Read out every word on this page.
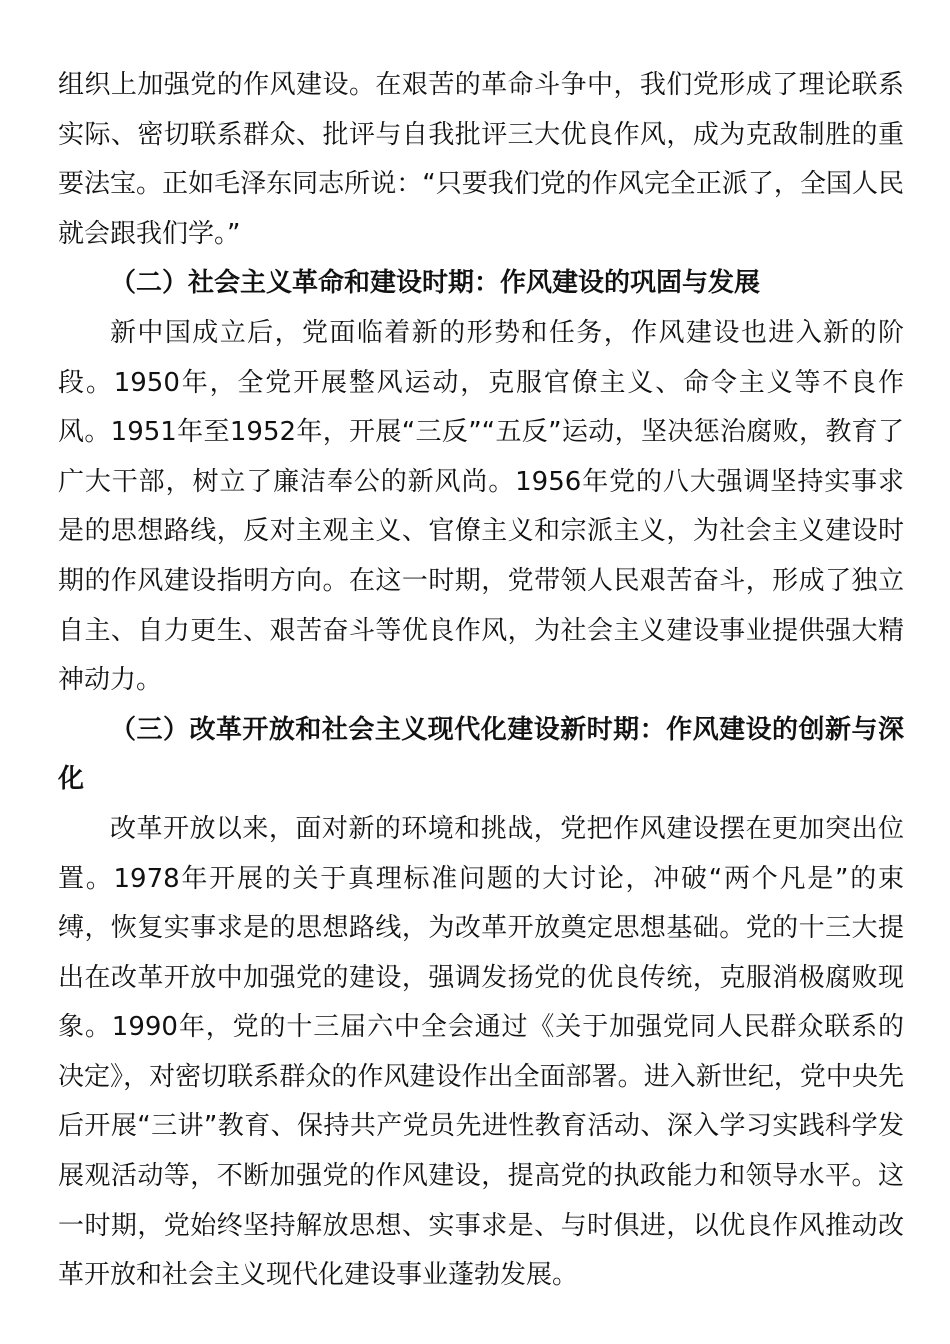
组织上加强党的作风建设。在艰苦的革命斗争中，我们党形成了理论联系实际、密切联系群众、批评与自我批评三大优良作风，成为克敌制胜的重要法宝。正如毛泽东同志所说：“只要我们党的作风完全正派了，全国人民就会跟我们学。”

（二）社会主义革命和建设时期：作风建设的巩固与发展

新中国成立后，党面临着新的形势和任务，作风建设也进入新的阶段。1950年，全党开展整风运动，克服官僚主义、命令主义等不良作风。1951年至1952年，开展“三反”“五反”运动，坚决惩治腐败，教育了广大干部，树立了廉洁奉公的新风尚。1956年党的八大强调坚持实事求是的思想路线，反对主观主义、官僚主义和宗派主义，为社会主义建设时期的作风建设指明方向。在这一时期，党带领人民艰苦奋斗，形成了独立自主、自力更生、艰苦奋斗等优良作风，为社会主义建设事业提供强大精神动力。

（三）改革开放和社会主义现代化建设新时期：作风建设的创新与深化

改革开放以来，面对新的环境和挑战，党把作风建设摆在更加突出位置。1978年开展的关于真理标准问题的大讨论，冲破“两个凡是”的束缚，恢复实事求是的思想路线，为改革开放奠定思想基础。党的十三大提出在改革开放中加强党的建设，强调发扬党的优良传统，克服消极腐败现象。1990年，党的十三届六中全会通过《关于加强党同人民群众联系的决定》，对密切联系群众的作风建设作出全面部署。进入新世纪，党中央先后开展“三讲”教育、保持共产党员先进性教育活动、深入学习实践科学发展观活动等，不断加强党的作风建设，提高党的执政能力和领导水平。这一时期，党始终坚持解放思想、实事求是、与时俱进，以优良作风推动改革开放和社会主义现代化建设事业蓬勃发展。
